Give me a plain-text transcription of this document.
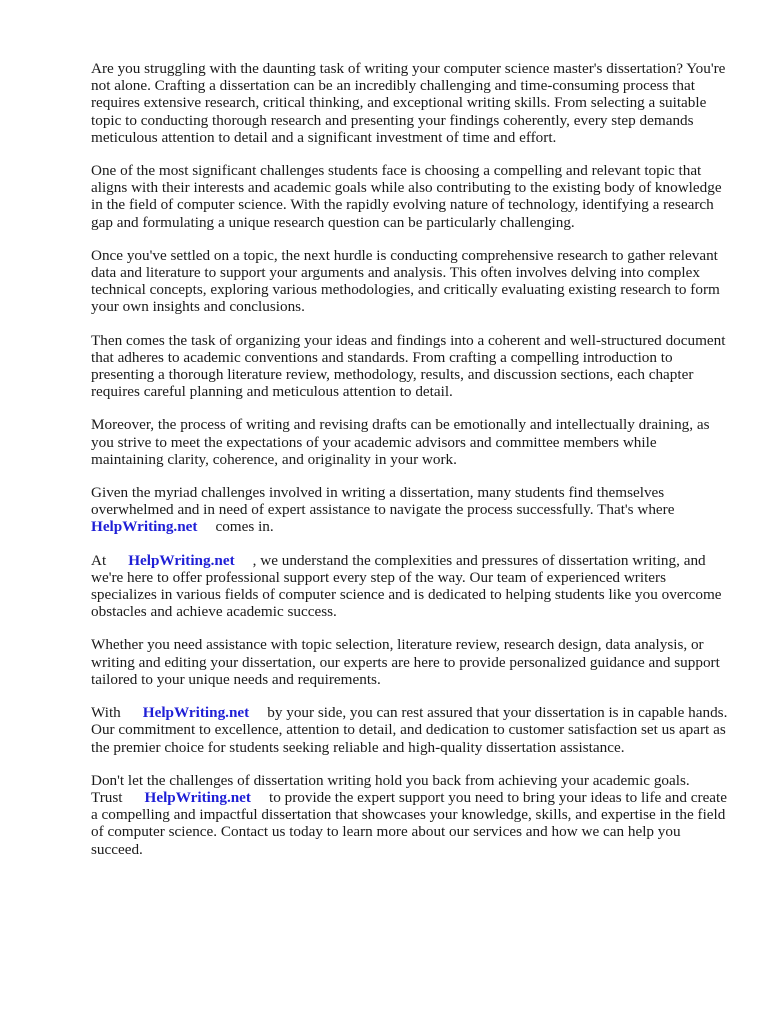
Are you struggling with the daunting task of writing your computer science master's dissertation? You're not alone. Crafting a dissertation can be an incredibly challenging and time-consuming process that requires extensive research, critical thinking, and exceptional writing skills. From selecting a suitable topic to conducting thorough research and presenting your findings coherently, every step demands meticulous attention to detail and a significant investment of time and effort.

One of the most significant challenges students face is choosing a compelling and relevant topic that aligns with their interests and academic goals while also contributing to the existing body of knowledge in the field of computer science. With the rapidly evolving nature of technology, identifying a research gap and formulating a unique research question can be particularly challenging.

Once you've settled on a topic, the next hurdle is conducting comprehensive research to gather relevant data and literature to support your arguments and analysis. This often involves delving into complex technical concepts, exploring various methodologies, and critically evaluating existing research to form your own insights and conclusions.

Then comes the task of organizing your ideas and findings into a coherent and well-structured document that adheres to academic conventions and standards. From crafting a compelling introduction to presenting a thorough literature review, methodology, results, and discussion sections, each chapter requires careful planning and meticulous attention to detail.

Moreover, the process of writing and revising drafts can be emotionally and intellectually draining, as you strive to meet the expectations of your academic advisors and committee members while maintaining clarity, coherence, and originality in your work.

Given the myriad challenges involved in writing a dissertation, many students find themselves overwhelmed and in need of expert assistance to navigate the process successfully. That's where
HelpWriting.net comes in.

At HelpWriting.net , we understand the complexities and pressures of dissertation writing, and we're here to offer professional support every step of the way. Our team of experienced writers specializes in various fields of computer science and is dedicated to helping students like you overcome obstacles and achieve academic success.

Whether you need assistance with topic selection, literature review, research design, data analysis, or writing and editing your dissertation, our experts are here to provide personalized guidance and support tailored to your unique needs and requirements.

With HelpWriting.net by your side, you can rest assured that your dissertation is in capable hands. Our commitment to excellence, attention to detail, and dedication to customer satisfaction set us apart as the premier choice for students seeking reliable and high-quality dissertation assistance.

Don't let the challenges of dissertation writing hold you back from achieving your academic goals. Trust HelpWriting.net to provide the expert support you need to bring your ideas to life and create a compelling and impactful dissertation that showcases your knowledge, skills, and expertise in the field of computer science. Contact us today to learn more about our services and how we can help you succeed.
